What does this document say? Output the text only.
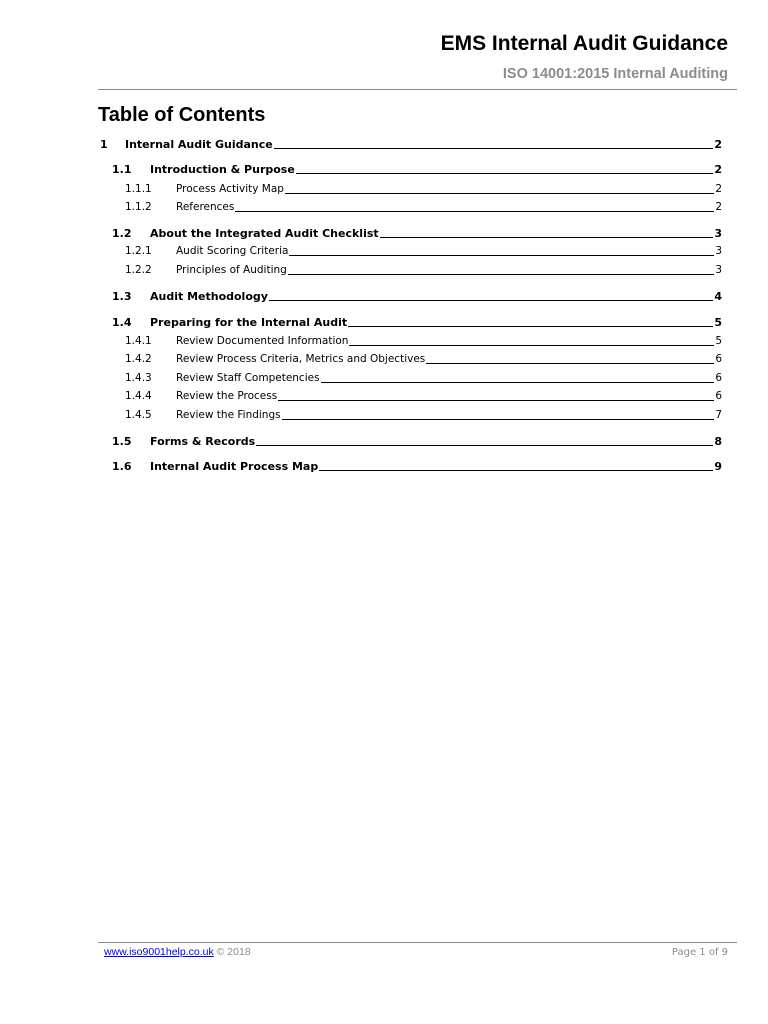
EMS Internal Audit Guidance
ISO 14001:2015 Internal Auditing
Table of Contents
1	Internal Audit Guidance	2
1.1	Introduction & Purpose	2
1.1.1	Process Activity Map	2
1.1.2	References	2
1.2	About the Integrated Audit Checklist	3
1.2.1	Audit Scoring Criteria	3
1.2.2	Principles of Auditing	3
1.3	Audit Methodology	4
1.4	Preparing for the Internal Audit	5
1.4.1	Review Documented Information	5
1.4.2	Review Process Criteria, Metrics and Objectives	6
1.4.3	Review Staff Competencies	6
1.4.4	Review the Process	6
1.4.5	Review the Findings	7
1.5	Forms & Records	8
1.6	Internal Audit Process Map	9
www.iso9001help.co.uk © 2018	Page 1 of 9
